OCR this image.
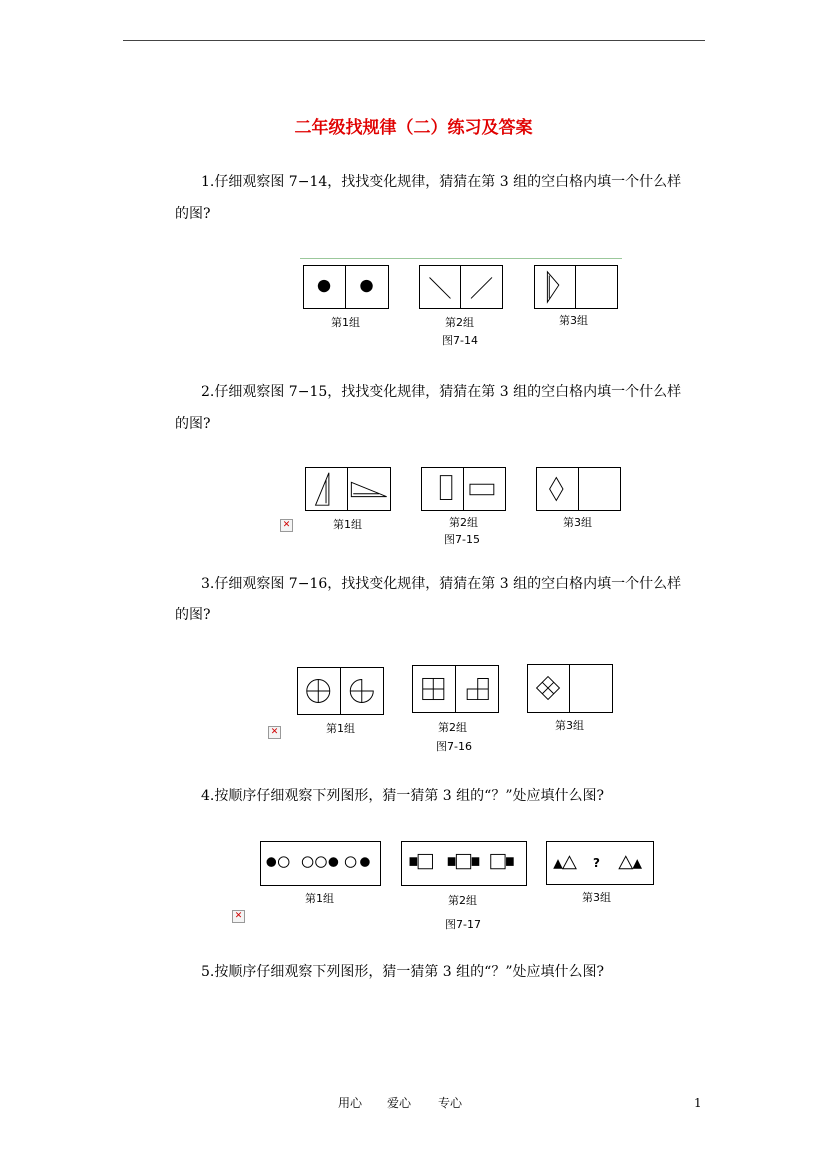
二年级找规律（二）练习及答案
1.仔细观察图 7−14，找找变化规律，猜猜在第 3 组的空白格内填一个什么样
的图?
第1组	第2组	第3组
图7-14
2.仔细观察图 7−15，找找变化规律，猜猜在第 3 组的空白格内填一个什么样
的图?
✕	第1组	第2组	第3组
图7-15
3.仔细观察图 7−16，找找变化规律，猜猜在第 3 组的空白格内填一个什么样
的图?
✕	第1组	第2组	第3组
图7-16
4.按顺序仔细观察下列图形，猜一猜第 3 组的“？”处应填什么图?
?
✕
第1组	第2组	第3组
图7-17
5.按顺序仔细观察下列图形，猜一猜第 3 组的“？”处应填什么图?
用心 爱心 专心	1
